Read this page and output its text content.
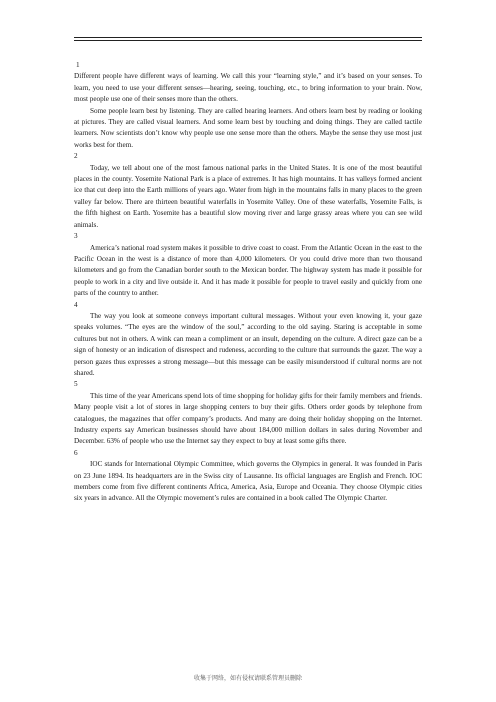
1

Different people have different ways of learning. We call this your “learning style,” and it’s based on your senses. To learn, you need to use your different senses—hearing, seeing, touching, etc., to bring information to your brain. Now, most people use one of their senses more than the others.

Some people learn best by listening. They are called hearing learners. And others learn best by reading or looking at pictures. They are called visual learners. And some learn best by touching and doing things. They are called tactile learners. Now scientists don’t know why people use one sense more than the others. Maybe the sense they use most just works best for them.

2

Today, we tell about one of the most famous national parks in the United States. It is one of the most beautiful places in the county. Yosemite National Park is a place of extremes. It has high mountains. It has valleys formed ancient ice that cut deep into the Earth millions of years ago. Water from high in the mountains falls in many places to the green valley far below. There are thirteen beautiful waterfalls in Yosemite Valley. One of these waterfalls, Yosemite Falls, is the fifth highest on Earth. Yosemite has a beautiful slow moving river and large grassy areas where you can see wild animals.

3

America’s national road system makes it possible to drive coast to coast. From the Atlantic Ocean in the east to the Pacific Ocean in the west is a distance of more than 4,000 kilometers. Or you could drive more than two thousand kilometers and go from the Canadian border south to the Mexican border. The highway system has made it possible for people to work in a city and live outside it. And it has made it possible for people to travel easily and quickly from one parts of the country to anther.

4

The way you look at someone conveys important cultural messages. Without your even knowing it, your gaze speaks volumes. “The eyes are the window of the soul,” according to the old saying. Staring is acceptable in some cultures but not in others. A wink can mean a compliment or an insult, depending on the culture. A direct gaze can be a sign of honesty or an indication of disrespect and rudeness, according to the culture that surrounds the gazer. The way a person gazes thus expresses a strong message—but this message can be easily misunderstood if cultural norms are not shared.

5

This time of the year Americans spend lots of time shopping for holiday gifts for their family members and friends. Many people visit a lot of stores in large shopping centers to buy their gifts. Others order goods by telephone from catalogues, the magazines that offer company’s products. And many are doing their holiday shopping on the Internet. Industry experts say American businesses should have about 184,000 million dollars in sales during November and December. 63% of people who use the Internet say they expect to buy at least some gifts there.

6

IOC stands for International Olympic Committee, which governs the Olympics in general. It was founded in Paris on 23 June 1894. Its headquarters are in the Swiss city of Lausanne. Its official languages are English and French. IOC members come from five different continents Africa, America, Asia, Europe and Oceania. They choose Olympic cities six years in advance. All the Olympic movement’s rules are contained in a book called The Olympic Charter.

收集于网络，如有侵权请联系管理员删除
